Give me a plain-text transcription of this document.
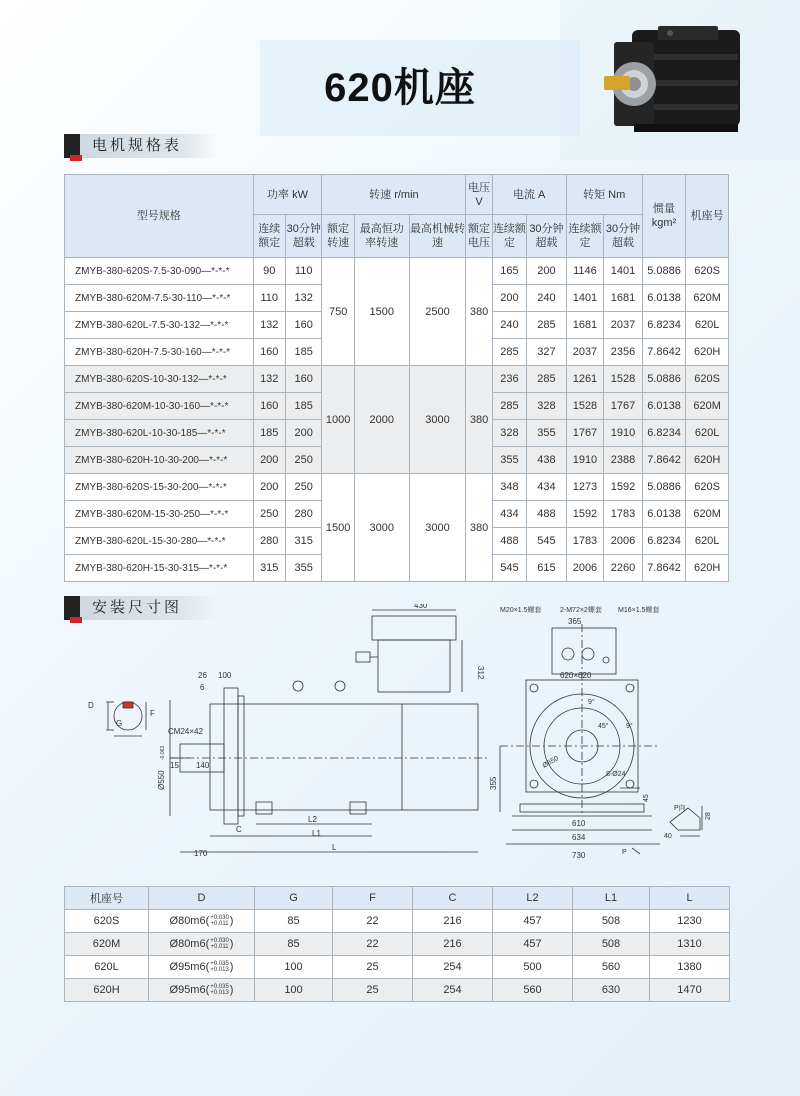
620机座
电机规格表
型号规格	功率 kW		转速 r/min			电压 V	电流 A		转矩 Nm		惯量 kgm²	机座号
	连续额定	30分钟超载	额定转速	最高恒功率转速	最高机械转速	额定电压	连续额定	30分钟超载	连续额定	30分钟超载		
ZMYB-380-620S-7.5-30-090—*-*-*	90	110	750	1500	2500	380	165	200	1146	1401	5.0886	620S
ZMYB-380-620M-7.5-30-110—*-*-*	110	132					200	240	1401	1681	6.0138	620M
ZMYB-380-620L-7.5-30-132—*-*-*	132	160					240	285	1681	2037	6.8234	620L
ZMYB-380-620H-7.5-30-160—*-*-*	160	185					285	327	2037	2356	7.8642	620H
ZMYB-380-620S-10-30-132—*-*-*	132	160	1000	2000	3000	380	236	285	1261	1528	5.0886	620S
ZMYB-380-620M-10-30-160—*-*-*	160	185					285	328	1528	1767	6.0138	620M
ZMYB-380-620L-10-30-185—*-*-*	185	200					328	355	1767	1910	6.8234	620L
ZMYB-380-620H-10-30-200—*-*-*	200	250					355	438	1910	2388	7.8642	620H
ZMYB-380-620S-15-30-200—*-*-*	200	250	1500	3000	3000	380	348	434	1273	1592	5.0886	620S
ZMYB-380-620M-15-30-250—*-*-*	250	280					434	488	1592	1783	6.0138	620M
ZMYB-380-620L-15-30-280—*-*-*	280	315					488	545	1783	2006	6.8234	620L
ZMYB-380-620H-15-30-315—*-*-*	315	355					545	615	2006	2260	7.8642	620H
安装尺寸图	430
312
26 100
6
CM24×42
15 140
Ø550
-0.063
C
L2
L1
L
170
D
G
F
M20×1.5螺套	2-M72×2螺套 M16×1.5螺套
365
620×620
9°
45° 9°
Ø650
8-Ø24
355
45
610
634
730
P向
P
28
40
机座号	D	G	F	C	L2	L1	L
620S	Ø80m6( +0.030
+0.011 )	85	22	216	457	508	1230
620M	Ø80m6( +0.030
+0.011 )	85	22	216	457	508	1310
620L	Ø95m6( +0.035
+0.013 )	100	25	254	500	560	1380
620H	Ø95m6( +0.035
+0.013 )	100	25	254	560	630	1470
